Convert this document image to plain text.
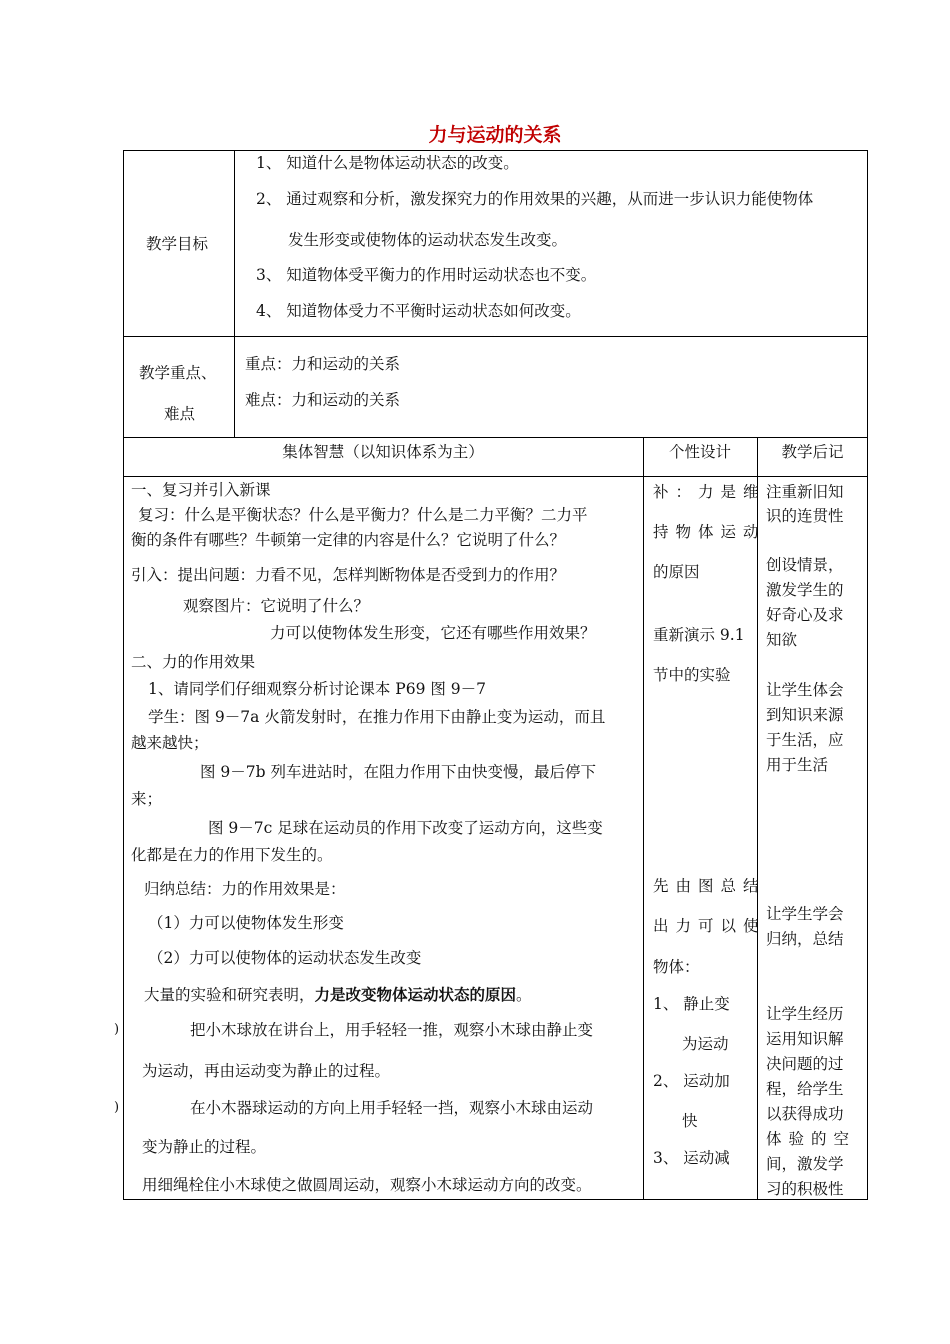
力与运动的关系
教学目标
1、 知道什么是物体运动状态的改变。
2、 通过观察和分析，激发探究力的作用效果的兴趣，从而进一步认识力能使物体
发生形变或使物体的运动状态发生改变。
3、 知道物体受平衡力的作用时运动状态也不变。
4、 知道物体受力不平衡时运动状态如何改变。
教学重点、
难点
重点：力和运动的关系
难点：力和运动的关系
集体智慧（以知识体系为主）	个性设计	教学后记
一、复习并引入新课
复习：什么是平衡状态？什么是平衡力？什么是二力平衡？二力平
衡的条件有哪些？牛顿第一定律的内容是什么？它说明了什么？
引入：提出问题：力看不见，怎样判断物体是否受到力的作用？
观察图片：它说明了什么？
力可以使物体发生形变，它还有哪些作用效果？
二、力的作用效果
1、请同学们仔细观察分析讨论课本 P69 图 9－7
学生：图 9－7a 火箭发射时，在推力作用下由静止变为运动，而且
越来越快；
图 9－7b 列车进站时，在阻力作用下由快变慢，最后停下
来；
图 9－7c 足球在运动员的作用下改变了运动方向，这些变
化都是在力的作用下发生的。
归纳总结：力的作用效果是：
（1）力可以使物体发生形变
（2）力可以使物体的运动状态发生改变
大量的实验和研究表明，力是改变物体运动状态的原因。
把小木球放在讲台上，用手轻轻一推，观察小木球由静止变
为运动，再由运动变为静止的过程。
在小木器球运动的方向上用手轻轻一挡，观察小木球由运动
变为静止的过程。
用细绳栓住小木球使之做圆周运动，观察小木球运动方向的改变。
补：力是维
持物体运动
的原因
重新演示 9.1
节中的实验
先由图总结
出力可以使
物体：
1、 静止变
为运动
2、 运动加
快
3、 运动减
注重新旧知
识的连贯性
创设情景，
激发学生的
好奇心及求
知欲
让学生体会
到知识来源
于生活，应
用于生活
让学生学会
归纳，总结
让学生经历
运用知识解
决问题的过
程，给学生
以获得成功
体验的空
间，激发学
习的积极性
)
)
